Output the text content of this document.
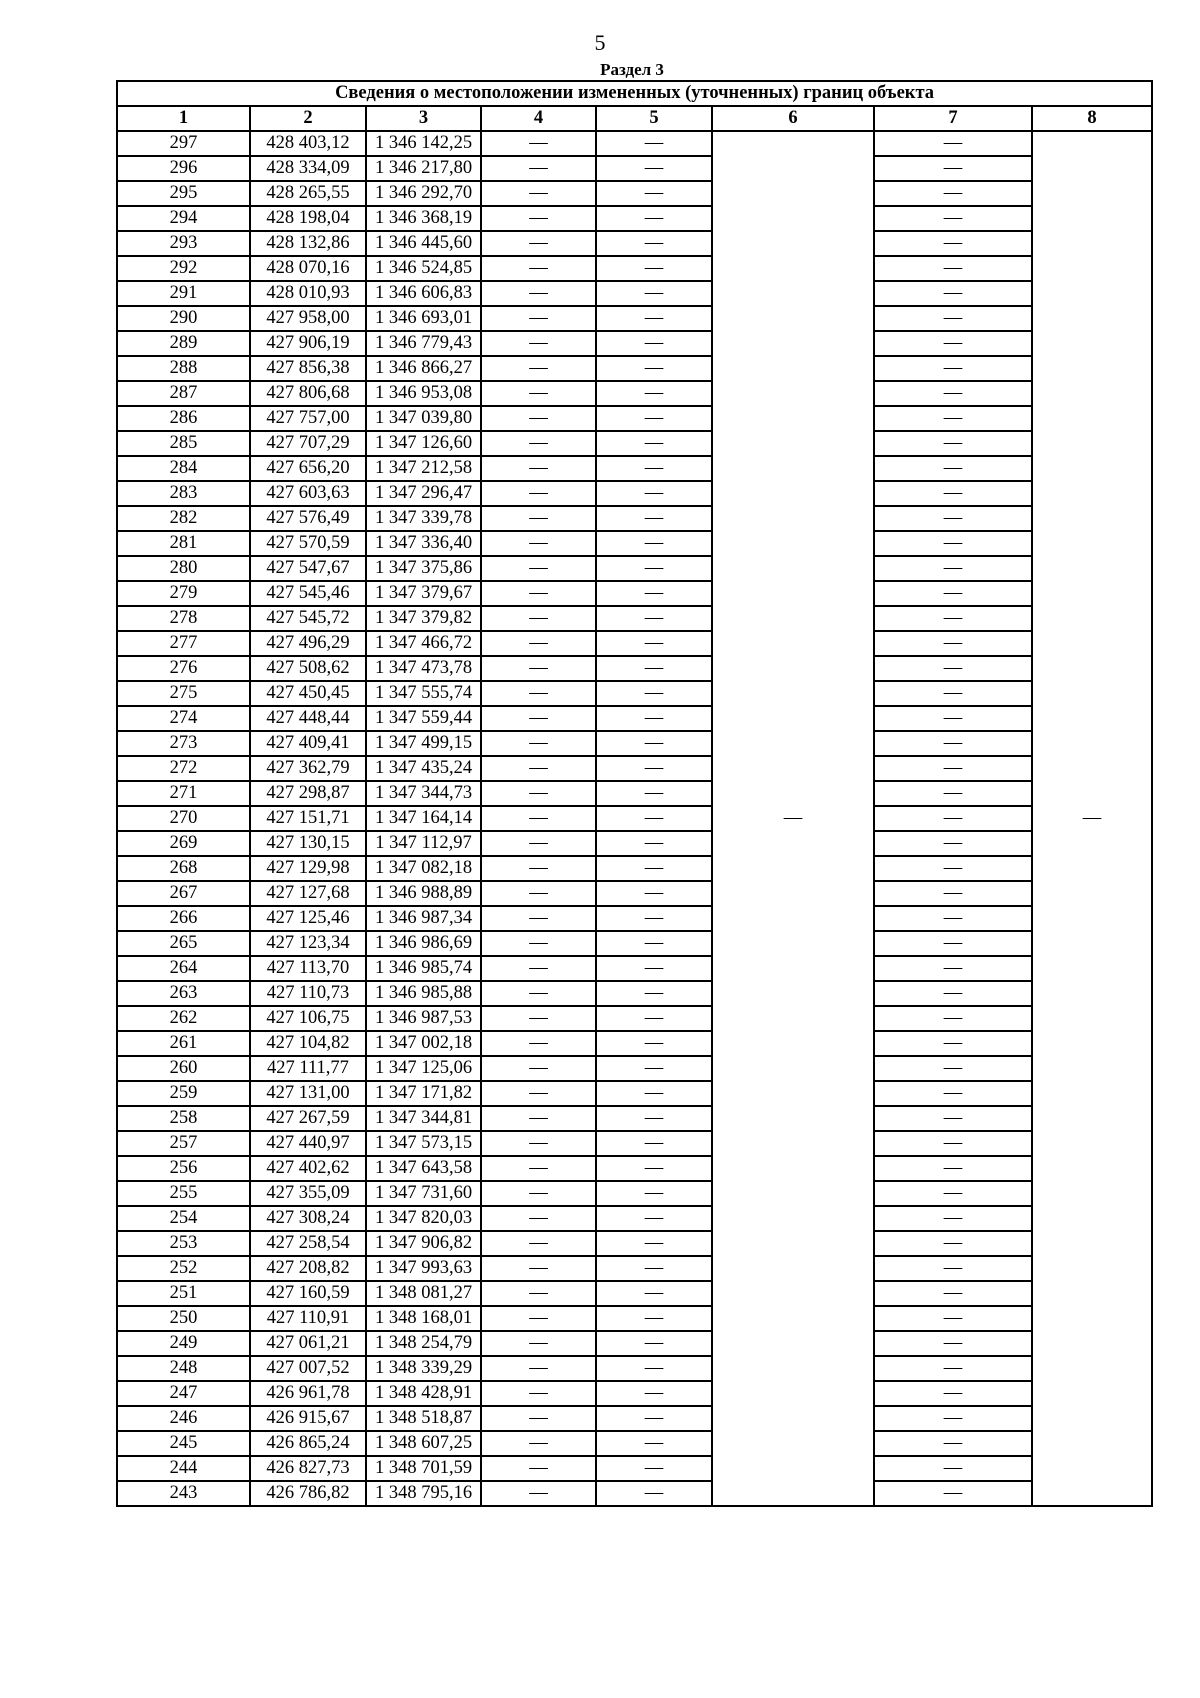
5
Раздел 3
Сведения о местоположении измененных (уточненных) границ объекта							
1	2	3	4	5	6	7	8
297	428 403,12	1 346 142,25	—	—	—	—	—
296	428 334,09	1 346 217,80	—	—		—	
295	428 265,55	1 346 292,70	—	—		—	
294	428 198,04	1 346 368,19	—	—		—	
293	428 132,86	1 346 445,60	—	—		—	
292	428 070,16	1 346 524,85	—	—		—	
291	428 010,93	1 346 606,83	—	—		—	
290	427 958,00	1 346 693,01	—	—		—	
289	427 906,19	1 346 779,43	—	—		—	
288	427 856,38	1 346 866,27	—	—		—	
287	427 806,68	1 346 953,08	—	—		—	
286	427 757,00	1 347 039,80	—	—		—	
285	427 707,29	1 347 126,60	—	—		—	
284	427 656,20	1 347 212,58	—	—		—	
283	427 603,63	1 347 296,47	—	—		—	
282	427 576,49	1 347 339,78	—	—		—	
281	427 570,59	1 347 336,40	—	—		—	
280	427 547,67	1 347 375,86	—	—		—	
279	427 545,46	1 347 379,67	—	—		—	
278	427 545,72	1 347 379,82	—	—		—	
277	427 496,29	1 347 466,72	—	—		—	
276	427 508,62	1 347 473,78	—	—		—	
275	427 450,45	1 347 555,74	—	—		—	
274	427 448,44	1 347 559,44	—	—		—	
273	427 409,41	1 347 499,15	—	—		—	
272	427 362,79	1 347 435,24	—	—		—	
271	427 298,87	1 347 344,73	—	—		—	
270	427 151,71	1 347 164,14	—	—		—	
269	427 130,15	1 347 112,97	—	—		—	
268	427 129,98	1 347 082,18	—	—		—	
267	427 127,68	1 346 988,89	—	—		—	
266	427 125,46	1 346 987,34	—	—		—	
265	427 123,34	1 346 986,69	—	—		—	
264	427 113,70	1 346 985,74	—	—		—	
263	427 110,73	1 346 985,88	—	—		—	
262	427 106,75	1 346 987,53	—	—		—	
261	427 104,82	1 347 002,18	—	—		—	
260	427 111,77	1 347 125,06	—	—		—	
259	427 131,00	1 347 171,82	—	—		—	
258	427 267,59	1 347 344,81	—	—		—	
257	427 440,97	1 347 573,15	—	—		—	
256	427 402,62	1 347 643,58	—	—		—	
255	427 355,09	1 347 731,60	—	—		—	
254	427 308,24	1 347 820,03	—	—		—	
253	427 258,54	1 347 906,82	—	—		—	
252	427 208,82	1 347 993,63	—	—		—	
251	427 160,59	1 348 081,27	—	—		—	
250	427 110,91	1 348 168,01	—	—		—	
249	427 061,21	1 348 254,79	—	—		—	
248	427 007,52	1 348 339,29	—	—		—	
247	426 961,78	1 348 428,91	—	—		—	
246	426 915,67	1 348 518,87	—	—		—	
245	426 865,24	1 348 607,25	—	—		—	
244	426 827,73	1 348 701,59	—	—		—	
243	426 786,82	1 348 795,16	—	—		—	
